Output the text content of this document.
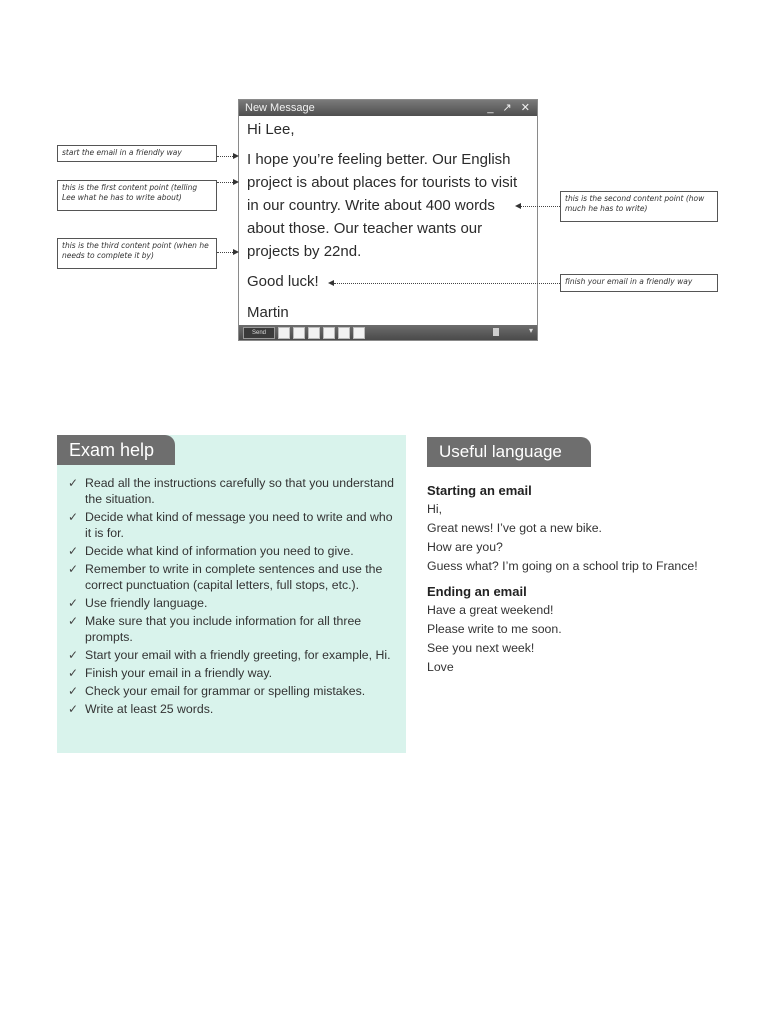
New Message	_ ↗ ✕
Hi Lee,
I hope you’re feeling better. Our English
project is about places for tourists to visit
in our country. Write about 400 words
about those. Our teacher wants our
projects by 22nd.
Good luck!
Martin
Send	▾
start the email in a friendly way
this is the first content point (telling Lee what he has to write about)
this is the third content point (when he needs to complete it by)
this is the second content point (how much he has to write)
finish your email in a friendly way
Exam help
✓ Read all the instructions carefully so that you understand the situation.
✓ Decide what kind of message you need to write and who it is for.
✓ Decide what kind of information you need to give.
✓ Remember to write in complete sentences and use the correct punctuation (capital letters, full stops, etc.).
✓ Use friendly language.
✓ Make sure that you include information for all three prompts.
✓ Start your email with a friendly greeting, for example, Hi.
✓ Finish your email in a friendly way.
✓ Check your email for grammar or spelling mistakes.
✓ Write at least 25 words.
Useful language
Starting an email
Hi,
Great news! I’ve got a new bike.
How are you?
Guess what? I’m going on a school trip to France!
Ending an email
Have a great weekend!
Please write to me soon.
See you next week!
Love
